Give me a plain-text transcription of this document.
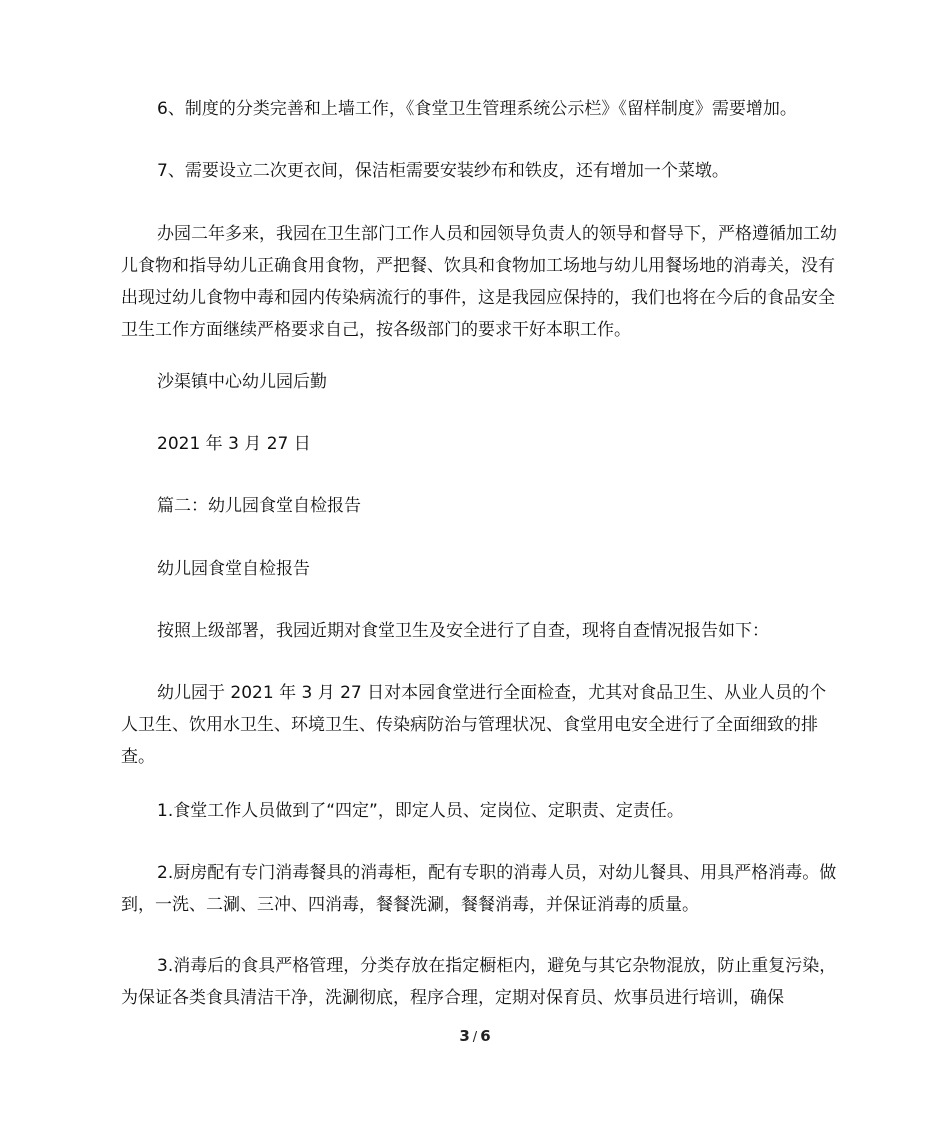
6、制度的分类完善和上墙工作，《食堂卫生管理系统公示栏》《留样制度》需要增加。

7、需要设立二次更衣间，保洁柜需要安装纱布和铁皮，还有增加一个菜墩。

办园二年多来，我园在卫生部门工作人员和园领导负责人的领导和督导下，严格遵循加工幼儿食物和指导幼儿正确食用食物，严把餐、饮具和食物加工场地与幼儿用餐场地的消毒关，没有出现过幼儿食物中毒和园内传染病流行的事件，这是我园应保持的，我们也将在今后的食品安全卫生工作方面继续严格要求自己，按各级部门的要求干好本职工作。

沙渠镇中心幼儿园后勤

2021 年 3 月 27 日

篇二：幼儿园食堂自检报告

幼儿园食堂自检报告

按照上级部署，我园近期对食堂卫生及安全进行了自查，现将自查情况报告如下：

幼儿园于 2021 年 3 月 27 日对本园食堂进行全面检查，尤其对食品卫生、从业人员的个人卫生、饮用水卫生、环境卫生、传染病防治与管理状况、食堂用电安全进行了全面细致的排查。

1.食堂工作人员做到了“四定”，即定人员、定岗位、定职责、定责任。

2.厨房配有专门消毒餐具的消毒柜，配有专职的消毒人员，对幼儿餐具、用具严格消毒。做到，一洗、二涮、三冲、四消毒，餐餐洗涮，餐餐消毒，并保证消毒的质量。

3.消毒后的食具严格管理，分类存放在指定橱柜内，避免与其它杂物混放，防止重复污染，为保证各类食具清洁干净，洗涮彻底，程序合理，定期对保育员、炊事员进行培训，确保

3 / 6
